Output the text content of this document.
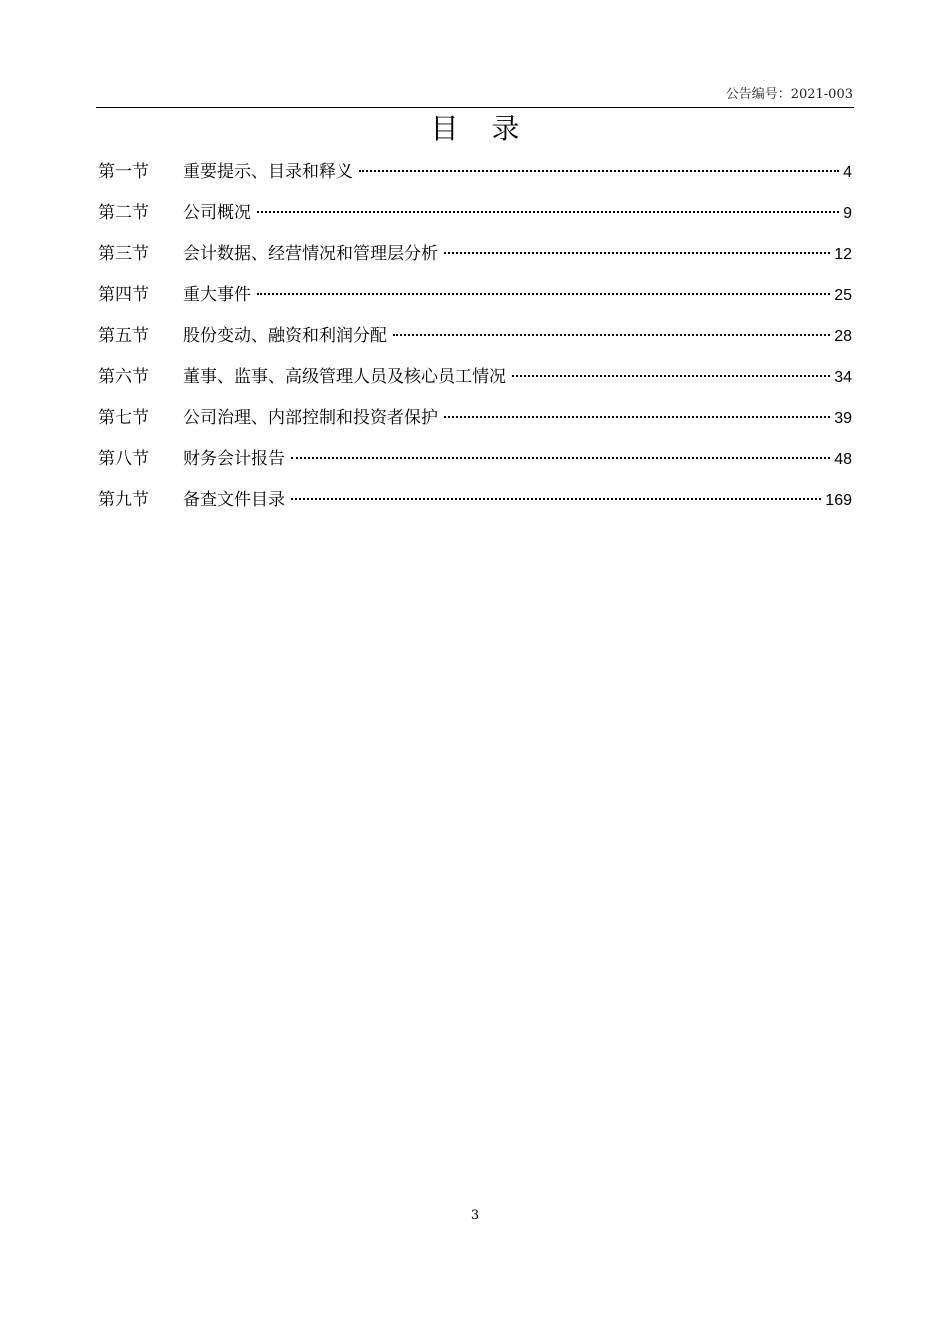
公告编号：2021-003
目 录
第一节	重要提示、目录和释义	4
第二节	公司概况	9
第三节	会计数据、经营情况和管理层分析	12
第四节	重大事件	25
第五节	股份变动、融资和利润分配	28
第六节	董事、监事、高级管理人员及核心员工情况	34
第七节	公司治理、内部控制和投资者保护	39
第八节	财务会计报告	48
第九节	备查文件目录	169
3
